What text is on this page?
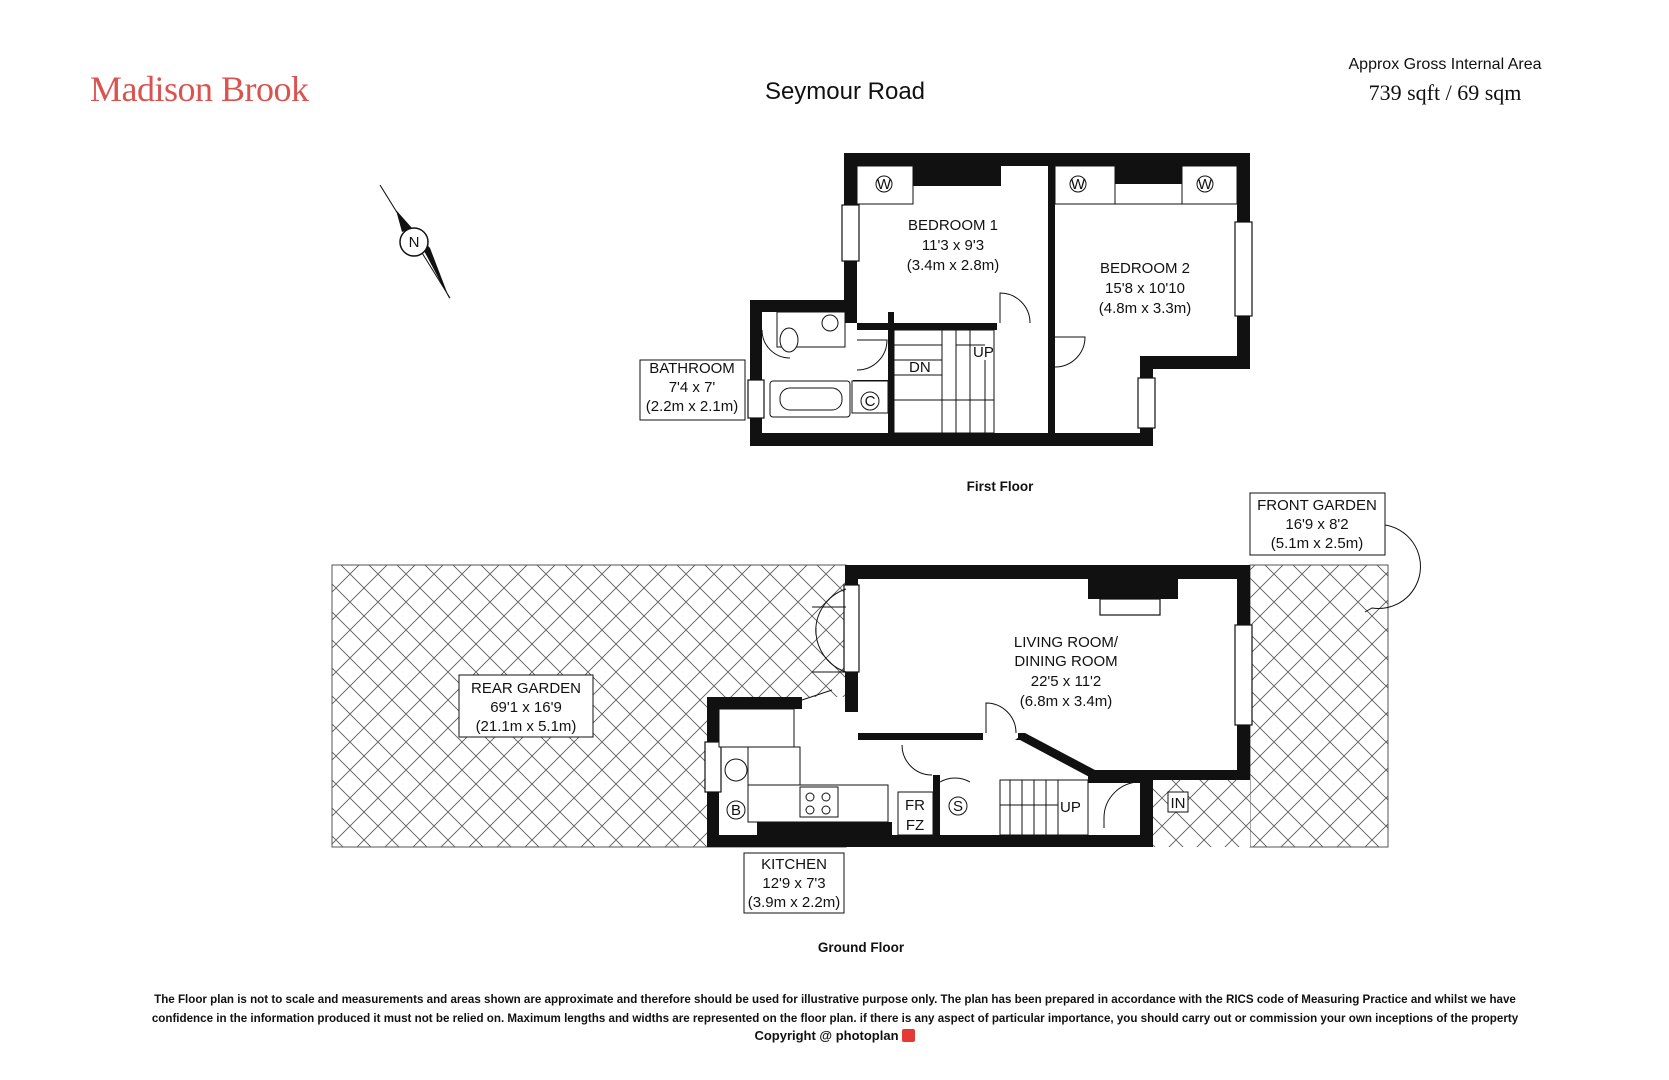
Madison Brook	Seymour Road
Approx Gross Internal Area
739 sqft / 69 sqm
W	W	W
C
UP
DN
BEDROOM 1
11'3 x 9'3
(3.4m x 2.8m)	BEDROOM 2
15'8 x 10'10
(4.8m x 3.3m)
BATHROOM
7'4 x 7'
(2.2m x 2.1m)
First Floor
N
B	S
FR
FZ
IN
UP
LIVING ROOM/
DINING ROOM
22'5 x 11'2
(6.8m x 3.4m)
REAR GARDEN
69'1 x 16'9
(21.1m x 5.1m)
FRONT GARDEN
16'9 x 8'2
(5.1m x 2.5m)
KITCHEN
12'9 x 7'3
(3.9m x 2.2m)
Ground Floor
The Floor plan is not to scale and measurements and areas shown are approximate and therefore should be used for illustrative purpose only. The plan has been prepared in accordance with the RICS code of Measuring Practice and whilst we have
confidence in the information produced it must not be relied on. Maximum lengths and widths are represented on the floor plan. if there is any aspect of particular importance, you should carry out or commission your own inceptions of the property
Copyright @ photoplan
